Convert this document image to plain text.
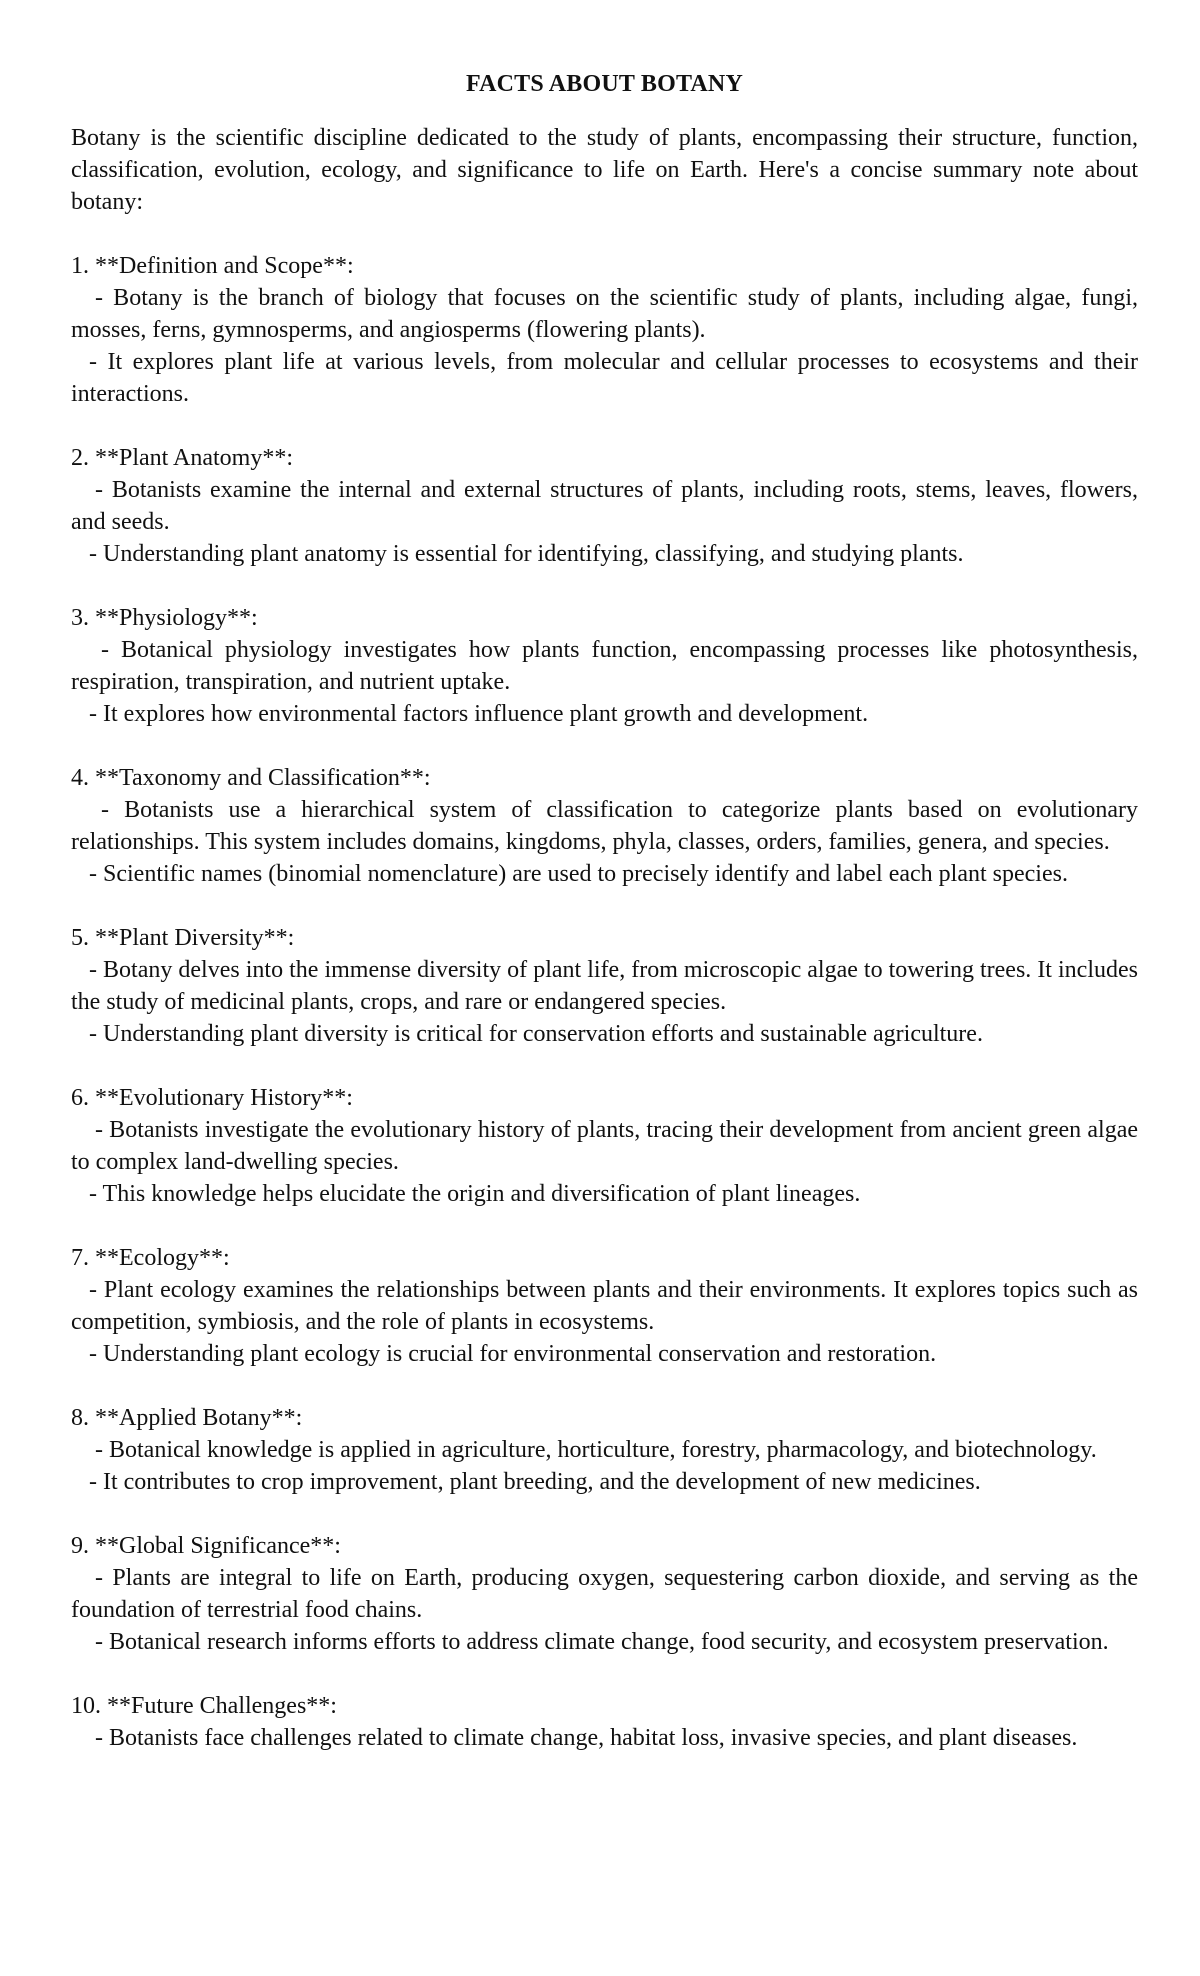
FACTS ABOUT BOTANY

Botany is the scientific discipline dedicated to the study of plants, encompassing their structure, function, classification, evolution, ecology, and significance to life on Earth. Here's a concise summary note about botany:

1. **Definition and Scope**:

- Botany is the branch of biology that focuses on the scientific study of plants, including algae, fungi, mosses, ferns, gymnosperms, and angiosperms (flowering plants).

- It explores plant life at various levels, from molecular and cellular processes to ecosystems and their interactions.

2. **Plant Anatomy**:

- Botanists examine the internal and external structures of plants, including roots, stems, leaves, flowers, and seeds.

- Understanding plant anatomy is essential for identifying, classifying, and studying plants.

3. **Physiology**:

- Botanical physiology investigates how plants function, encompassing processes like photosynthesis, respiration, transpiration, and nutrient uptake.

- It explores how environmental factors influence plant growth and development.

4. **Taxonomy and Classification**:

- Botanists use a hierarchical system of classification to categorize plants based on evolutionary relationships. This system includes domains, kingdoms, phyla, classes, orders, families, genera, and species.

- Scientific names (binomial nomenclature) are used to precisely identify and label each plant species.

5. **Plant Diversity**:

- Botany delves into the immense diversity of plant life, from microscopic algae to towering trees. It includes the study of medicinal plants, crops, and rare or endangered species.

- Understanding plant diversity is critical for conservation efforts and sustainable agriculture.

6. **Evolutionary History**:

- Botanists investigate the evolutionary history of plants, tracing their development from ancient green algae to complex land-dwelling species.

- This knowledge helps elucidate the origin and diversification of plant lineages.

7. **Ecology**:

- Plant ecology examines the relationships between plants and their environments. It explores topics such as competition, symbiosis, and the role of plants in ecosystems.

- Understanding plant ecology is crucial for environmental conservation and restoration.

8. **Applied Botany**:

- Botanical knowledge is applied in agriculture, horticulture, forestry, pharmacology, and biotechnology.

- It contributes to crop improvement, plant breeding, and the development of new medicines.

9. **Global Significance**:

- Plants are integral to life on Earth, producing oxygen, sequestering carbon dioxide, and serving as the foundation of terrestrial food chains.

- Botanical research informs efforts to address climate change, food security, and ecosystem preservation.

10. **Future Challenges**:

- Botanists face challenges related to climate change, habitat loss, invasive species, and plant diseases.
